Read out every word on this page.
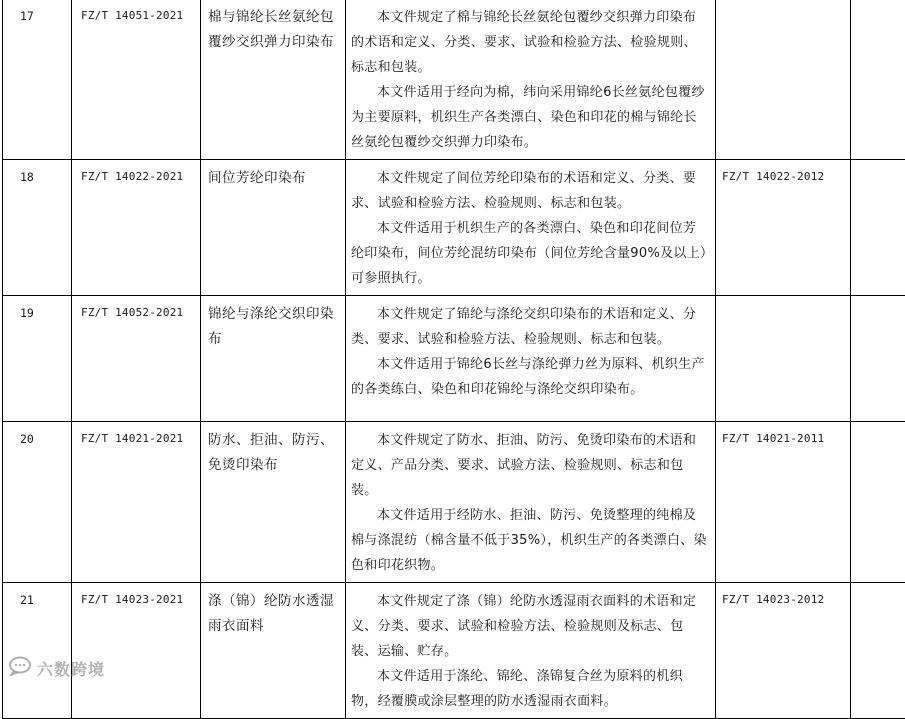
17	FZ/T 14051-2021	棉与锦纶长丝氨纶包覆纱交织弹力印染布	本文件规定了棉与锦纶长丝氨纶包覆纱交织弹力印染布的术语和定义、分类、要求、试验和检验方法、检验规则、标志和包装。

本文件适用于经向为棉，纬向采用锦纶6长丝氨纶包覆纱为主要原料，机织生产各类漂白、染色和印花的棉与锦纶长丝氨纶包覆纱交织弹力印染布。		

18	FZ/T 14022-2021	间位芳纶印染布	本文件规定了间位芳纶印染布的术语和定义、分类、要求、试验和检验方法、检验规则、标志和包装。

本文件适用于机织生产的各类漂白、染色和印花间位芳纶印染布，间位芳纶混纺印染布（间位芳纶含量90%及以上）可参照执行。	FZ/T 14022-2012	
19	FZ/T 14052-2021	锦纶与涤纶交织印染布	本文件规定了锦纶与涤纶交织印染布的术语和定义、分类、要求、试验和检验方法、检验规则、标志和包装。

本文件适用于锦纶6长丝与涤纶弹力丝为原料、机织生产的各类练白、染色和印花锦纶与涤纶交织印染布。		

20	FZ/T 14021-2021	防水、拒油、防污、免烫印染布	本文件规定了防水、拒油、防污、免烫印染布的术语和定义、产品分类、要求、试验方法、检验规则、标志和包装。

本文件适用于经防水、拒油、防污、免烫整理的纯棉及棉与涤混纺（棉含量不低于35%），机织生产的各类漂白、染色和印花织物。	FZ/T 14021-2011	
21	FZ/T 14023-2021	涤（锦）纶防水透湿雨衣面料	本文件规定了涤（锦）纶防水透湿雨衣面料的术语和定义、分类、要求、试验和检验方法、检验规则及标志、包装、运输、贮存。

本文件适用于涤纶、锦纶、涤锦复合丝为原料的机织物，经覆膜或涂层整理的防水透湿雨衣面料。	FZ/T 14023-2012	
六数跨境
